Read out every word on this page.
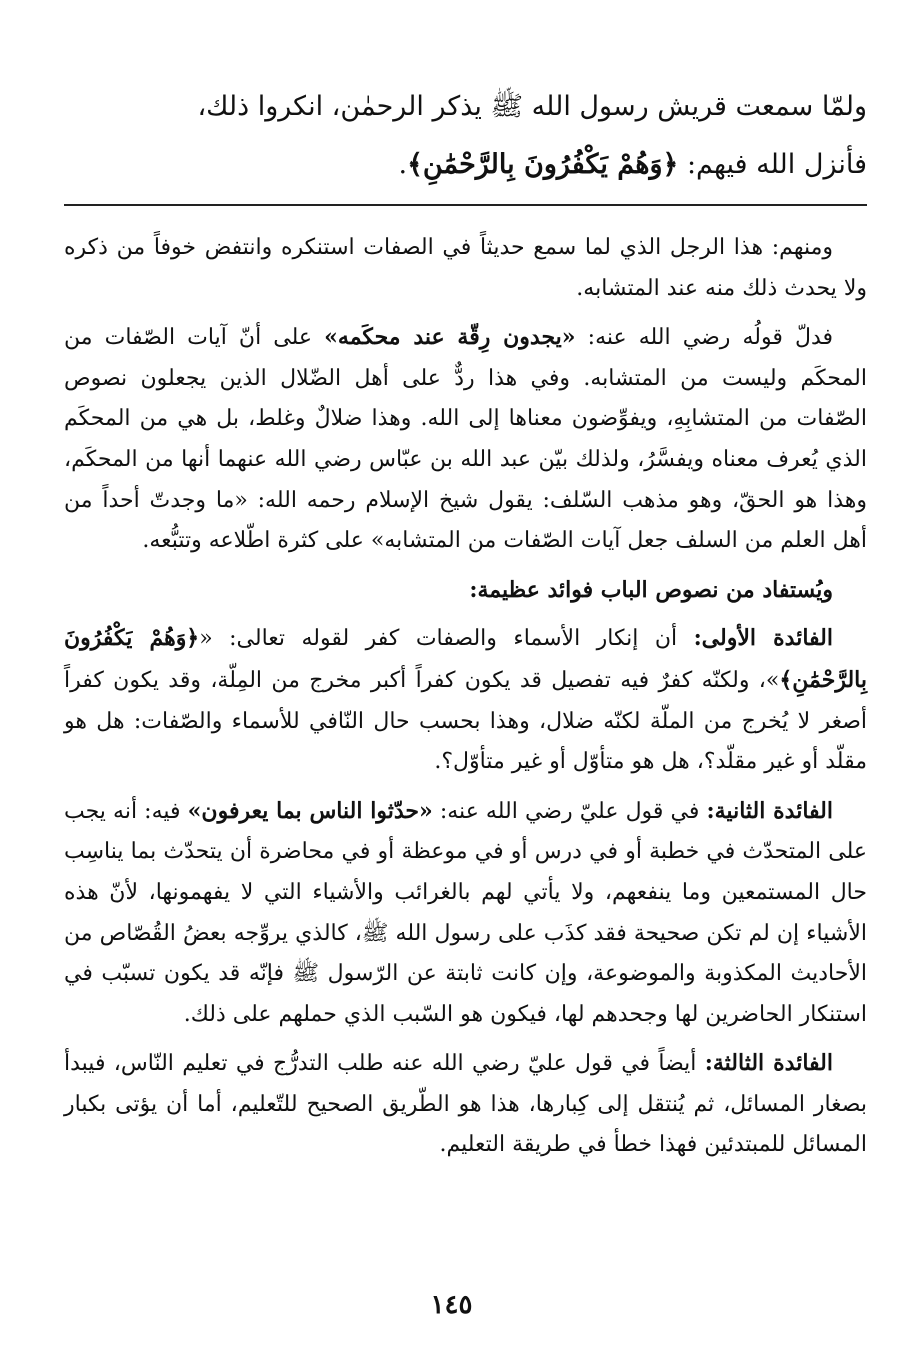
ولمّا سمعت قريش رسول الله ﷺ يذكر الرحمٰن، انكروا ذلك،
فأنزل الله فيهم: ﴿وَهُمْ يَكْفُرُونَ بِالرَّحْمَٰنِ﴾.

ومنهم: هذا الرجل الذي لما سمع حديثاً في الصفات استنكره وانتفض خوفاً من ذكره ولا يحدث ذلك منه عند المتشابه.

فدلّ قولُه رضي الله عنه: «يجدون رِقّة عند محكَمه» على أنّ آيات الصّفات من المحكَم وليست من المتشابه. وفي هذا ردٌّ على أهل الضّلال الذين يجعلون نصوص الصّفات من المتشابِهِ، ويفوِّضون معناها إلى الله. وهذا ضلالٌ وغلط، بل هي من المحكَم الذي يُعرف معناه ويفسَّرُ، ولذلك بيّن عبد الله بن عبّاس رضي الله عنهما أنها من المحكَم، وهذا هو الحقّ، وهو مذهب السّلف: يقول شيخ الإسلام رحمه الله: «ما وجدتّ أحداً من أهل العلم من السلف جعل آيات الصّفات من المتشابه» على كثرة اطّلاعه وتتبُّعه.

ويُستفاد من نصوص الباب فوائد عظيمة:

الفائدة الأولى: أن إنكار الأسماء والصفات كفر لقوله تعالى: «﴿وَهُمْ يَكْفُرُونَ بِالرَّحْمَٰنِ﴾»، ولكنّه كفرٌ فيه تفصيل قد يكون كفراً أكبر مخرج من المِلّة، وقد يكون كفراً أصغر لا يُخرج من الملّة لكنّه ضلال، وهذا بحسب حال النّافي للأسماء والصّفات: هل هو مقلّد أو غير مقلّد؟، هل هو متأوّل أو غير متأوّل؟.

الفائدة الثانية: في قول عليّ رضي الله عنه: «حدّثوا الناس بما يعرفون» فيه: أنه يجب على المتحدّث في خطبة أو في درس أو في موعظة أو في محاضرة أن يتحدّث بما يناسِب حال المستمعين وما ينفعهم، ولا يأتي لهم بالغرائب والأشياء التي لا يفهمونها، لأنّ هذه الأشياء إن لم تكن صحيحة فقد كذَب على رسول الله ﷺ، كالذي يروِّجه بعضُ القُصّاص من الأحاديث المكذوبة والموضوعة، وإن كانت ثابتة عن الرّسول ﷺ فإنّه قد يكون تسبّب في استنكار الحاضرين لها وجحدهم لها، فيكون هو السّبب الذي حملهم على ذلك.

الفائدة الثالثة: أيضاً في قول عليّ رضي الله عنه طلب التدرُّج في تعليم النّاس، فيبدأ بصغار المسائل، ثم يُنتقل إلى كِبارها، هذا هو الطّريق الصحيح للتّعليم، أما أن يؤتى بكبار المسائل للمبتدئين فهذا خطأ في طريقة التعليم.

١٤٥
